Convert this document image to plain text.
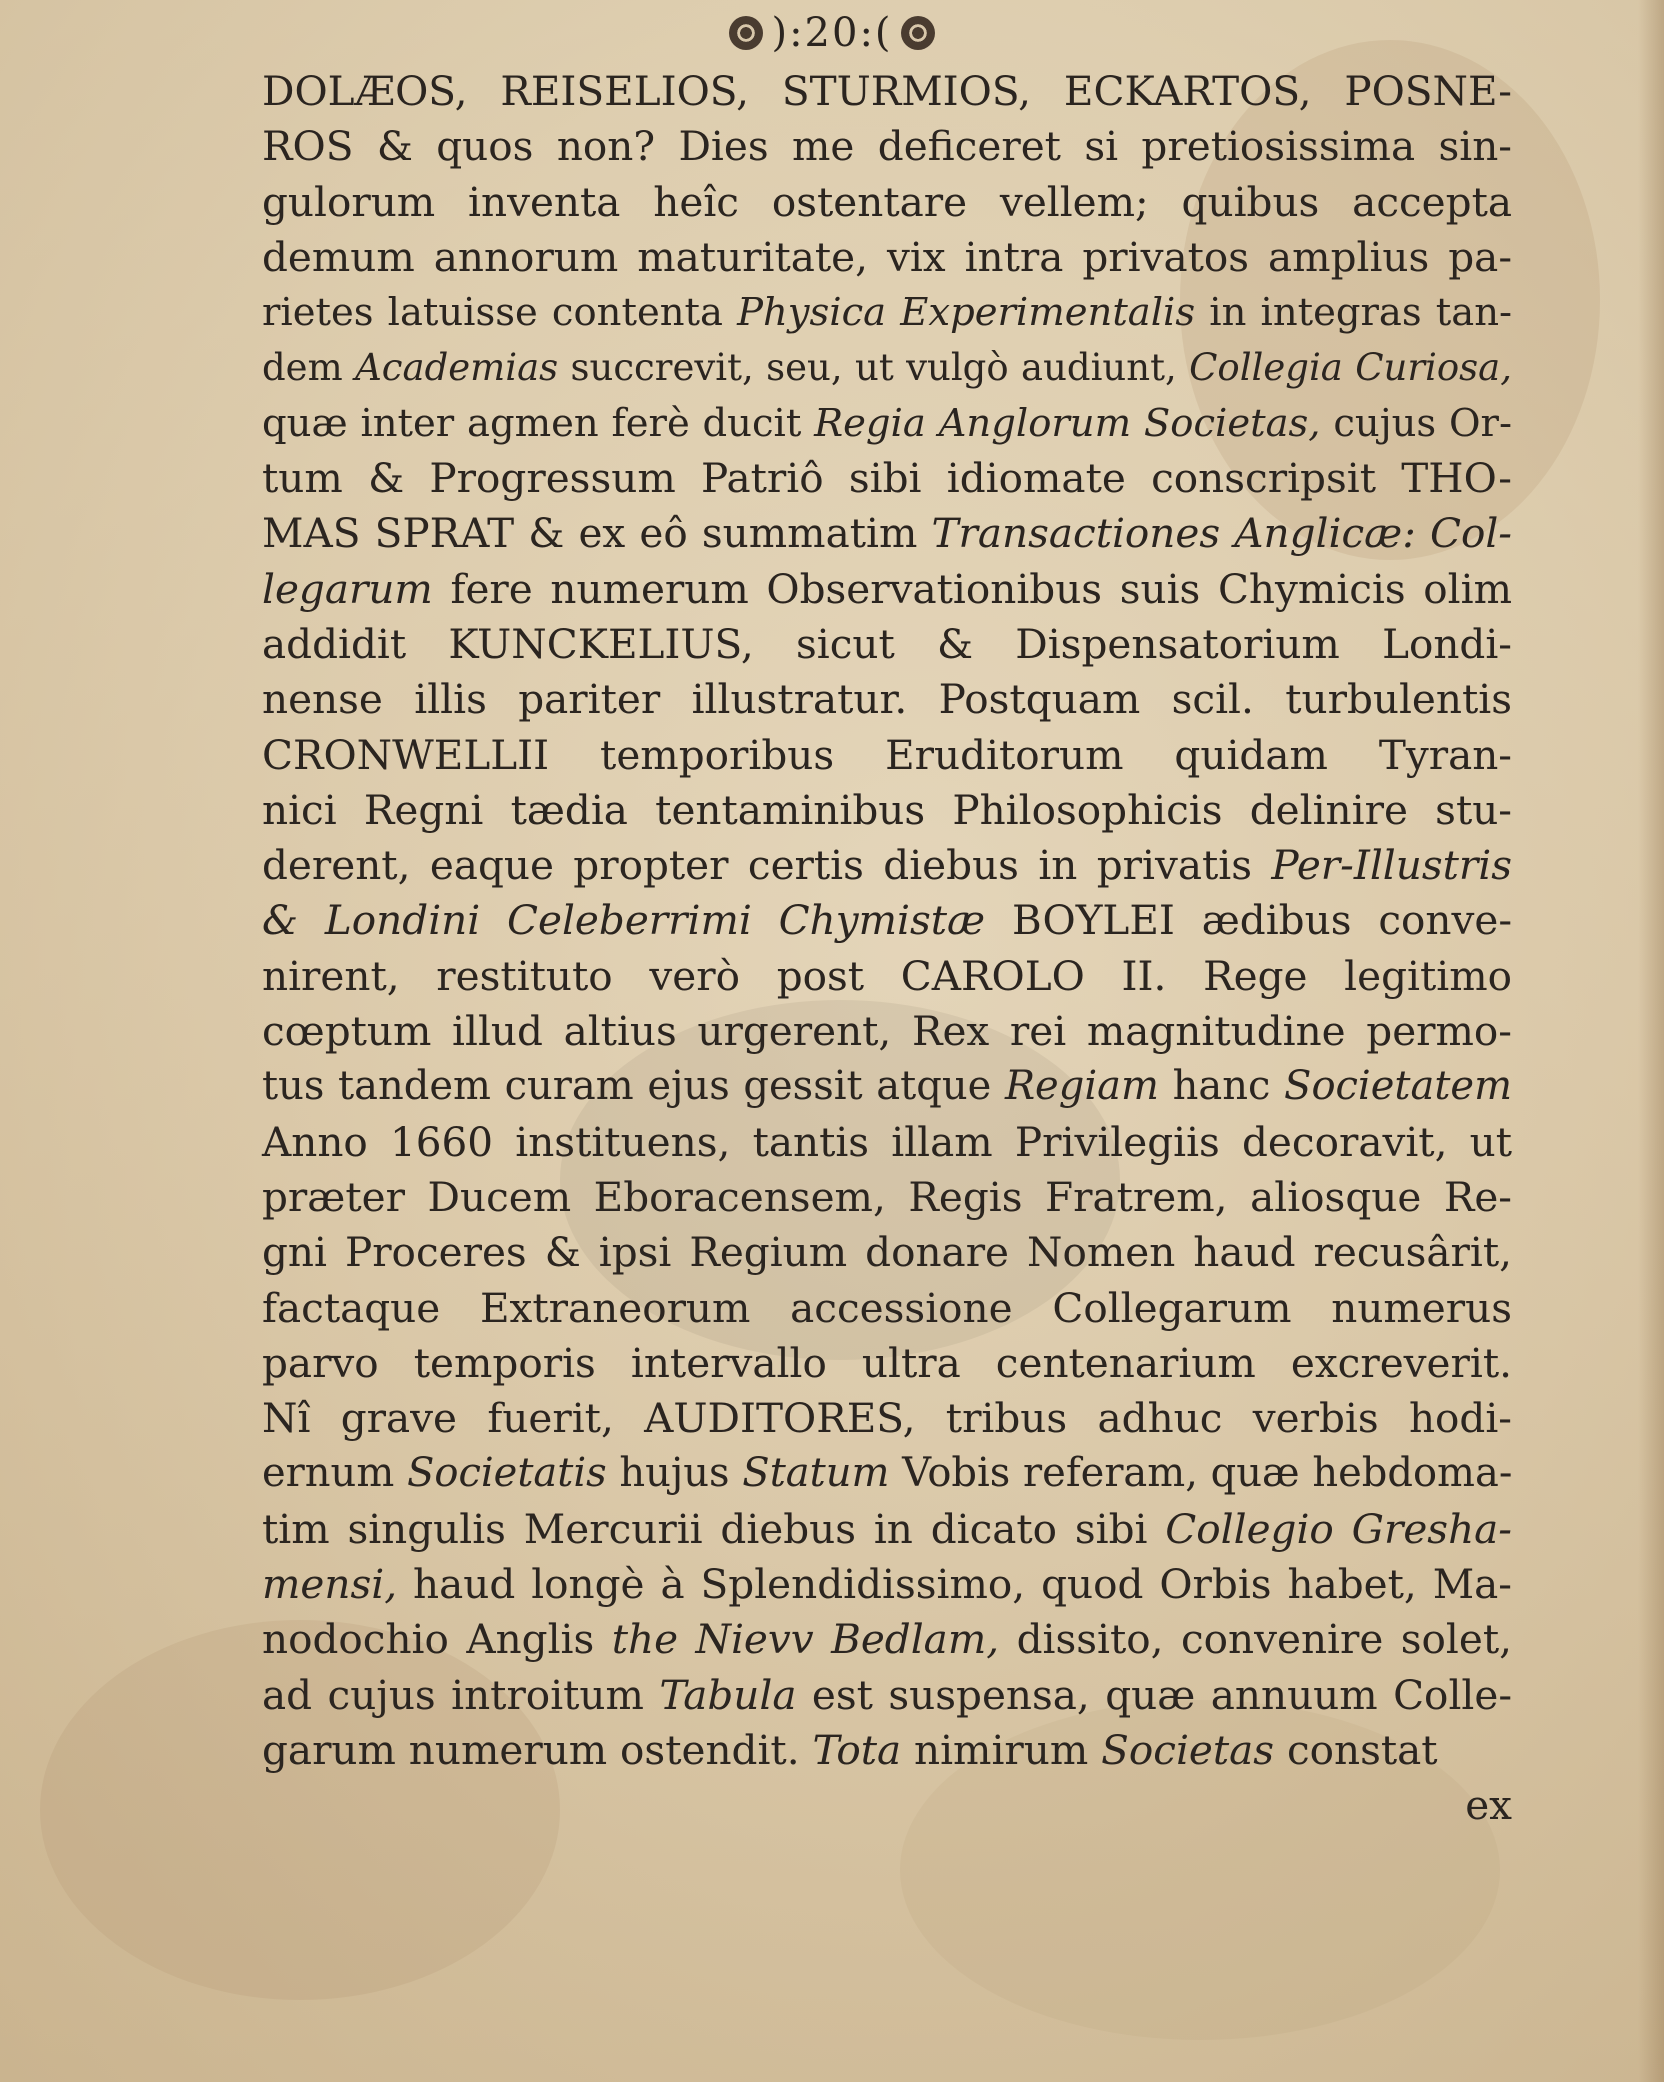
):20:(
DOLÆOS, REISELIOS, STURMIOS, ECKARTOS, POSNE-
ROS & quos non? Dies me deficeret si pretiosissima sin-
gulorum inventa heîc ostentare vellem; quibus accepta
demum annorum maturitate, vix intra privatos amplius pa-
rietes latuisse contenta Physica Experimentalis in integras tan-
dem Academias succrevit, seu, ut vulgò audiunt, Collegia Curiosa,
quæ inter agmen ferè ducit Regia Anglorum Societas, cujus Or-
tum & Progressum Patriô sibi idiomate conscripsit THO-
MAS SPRAT & ex eô summatim Transactiones Anglicæ: Col-
legarum fere numerum Observationibus suis Chymicis olim
addidit KUNCKELIUS, sicut & Dispensatorium Londi-
nense illis pariter illustratur. Postquam scil. turbulentis
CRONWELLII temporibus Eruditorum quidam Tyran-
nici Regni tædia tentaminibus Philosophicis delinire stu-
derent, eaque propter certis diebus in privatis Per-Illustris
& Londini Celeberrimi Chymistæ BOYLEI ædibus conve-
nirent, restituto verò post CAROLO II. Rege legitimo
cœptum illud altius urgerent, Rex rei magnitudine permo-
tus tandem curam ejus gessit atque Regiam hanc Societatem
Anno 1660 instituens, tantis illam Privilegiis decoravit, ut
præter Ducem Eboracensem, Regis Fratrem, aliosque Re-
gni Proceres & ipsi Regium donare Nomen haud recusârit,
factaque Extraneorum accessione Collegarum numerus
parvo temporis intervallo ultra centenarium excreverit.
Nî grave fuerit, AUDITORES, tribus adhuc verbis hodi-
ernum Societatis hujus Statum Vobis referam, quæ hebdoma-
tim singulis Mercurii diebus in dicato sibi Collegio Gresha-
mensi, haud longè à Splendidissimo, quod Orbis habet, Ma-
nodochio Anglis the Nievv Bedlam, dissito, convenire solet,
ad cujus introitum Tabula est suspensa, quæ annuum Colle-
garum numerum ostendit. Tota nimirum Societas constat
ex
